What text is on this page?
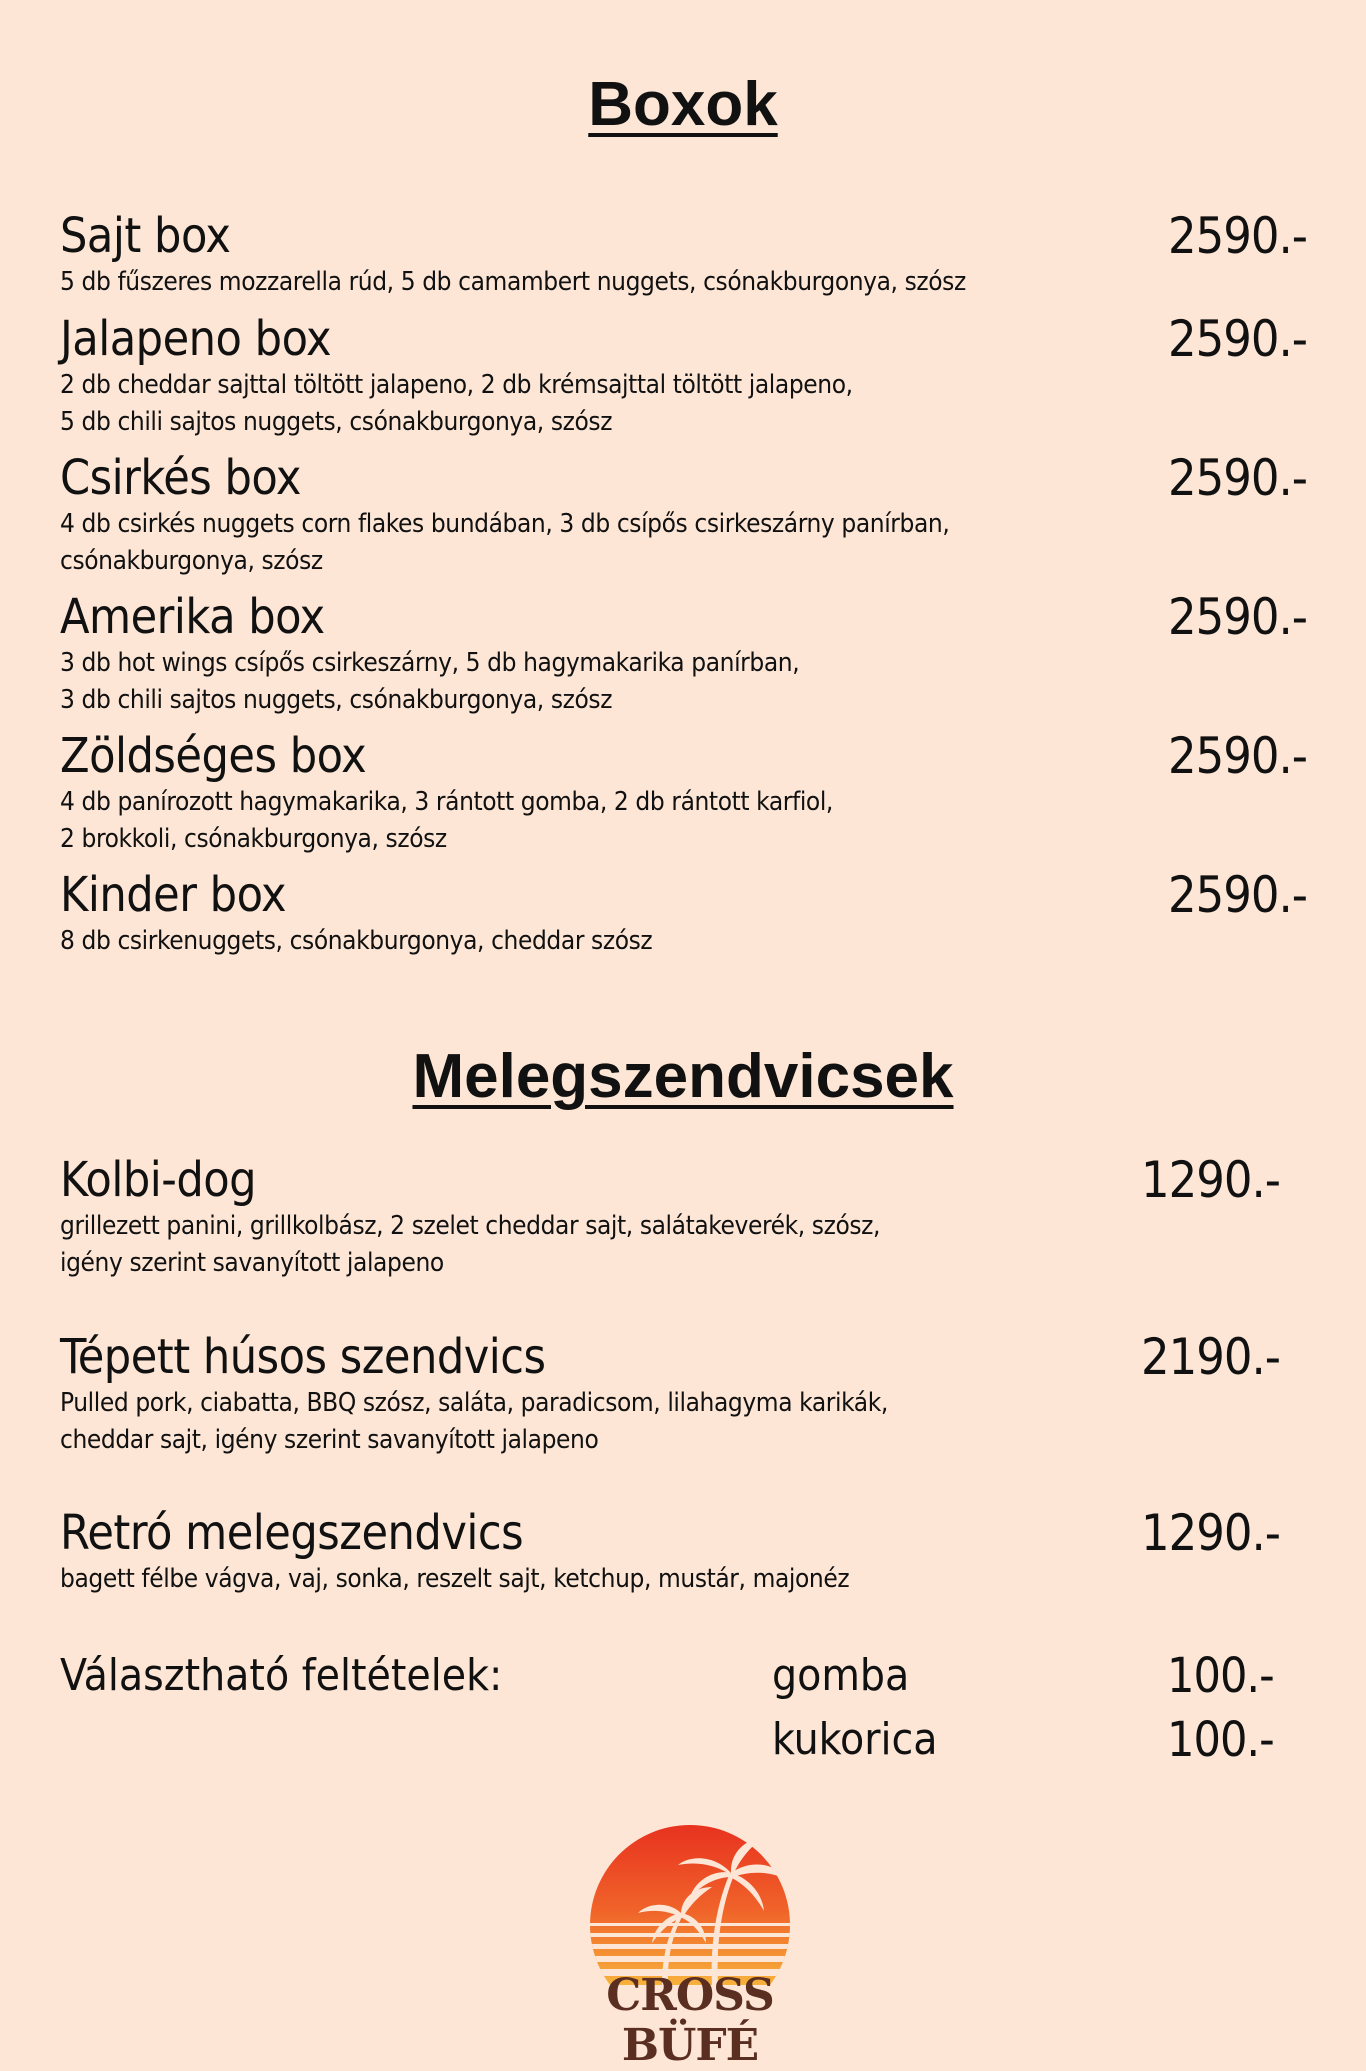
Boxok
Sajt box	2590.-
5 db fűszeres mozzarella rúd, 5 db camambert nuggets, csónakburgonya, szósz
Jalapeno box	2590.-
2 db cheddar sajttal töltött jalapeno, 2 db krémsajttal töltött jalapeno,
5 db chili sajtos nuggets, csónakburgonya, szósz
Csirkés box	2590.-
4 db csirkés nuggets corn flakes bundában, 3 db csípős csirkeszárny panírban,
csónakburgonya, szósz
Amerika box	2590.-
3 db hot wings csípős csirkeszárny, 5 db hagymakarika panírban,
3 db chili sajtos nuggets, csónakburgonya, szósz
Zöldséges box	2590.-
4 db panírozott hagymakarika, 3 rántott gomba, 2 db rántott karfiol,
2 brokkoli, csónakburgonya, szósz
Kinder box	2590.-
8 db csirkenuggets, csónakburgonya, cheddar szósz
Melegszendvicsek
Kolbi-dog	1290.-
grillezett panini, grillkolbász, 2 szelet cheddar sajt, salátakeverék, szósz,
igény szerint savanyított jalapeno
Tépett húsos szendvics	2190.-
Pulled pork, ciabatta, BBQ szósz, saláta, paradicsom, lilahagyma karikák,
cheddar sajt, igény szerint savanyított jalapeno
Retró melegszendvics	1290.-
bagett félbe vágva, vaj, sonka, reszelt sajt, ketchup, mustár, majonéz
Választható feltételek:	gomba	100.-
kukorica	100.-
CROSS BÜFÉ
